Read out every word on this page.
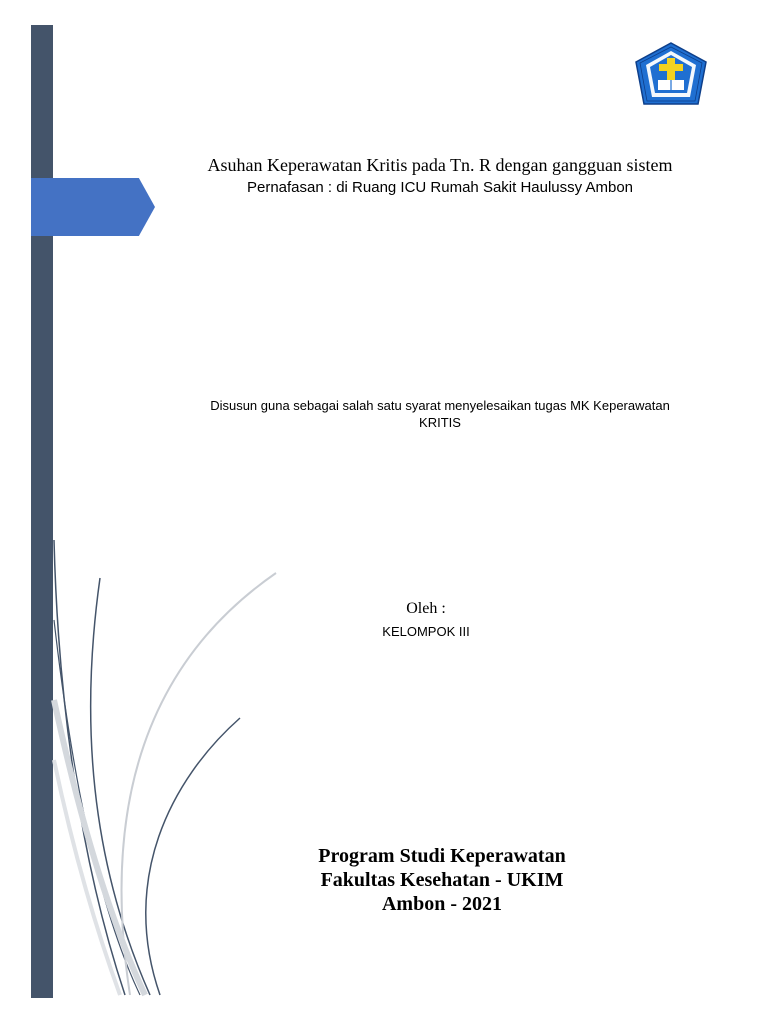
Asuhan Keperawatan Kritis pada Tn. R dengan gangguan sistem
Pernafasan : di Ruang ICU Rumah Sakit Haulussy Ambon
Disusun guna sebagai salah satu syarat menyelesaikan tugas MK Keperawatan
KRITIS
Oleh :
KELOMPOK III
Program Studi Keperawatan
Fakultas Kesehatan - UKIM
Ambon - 2021
